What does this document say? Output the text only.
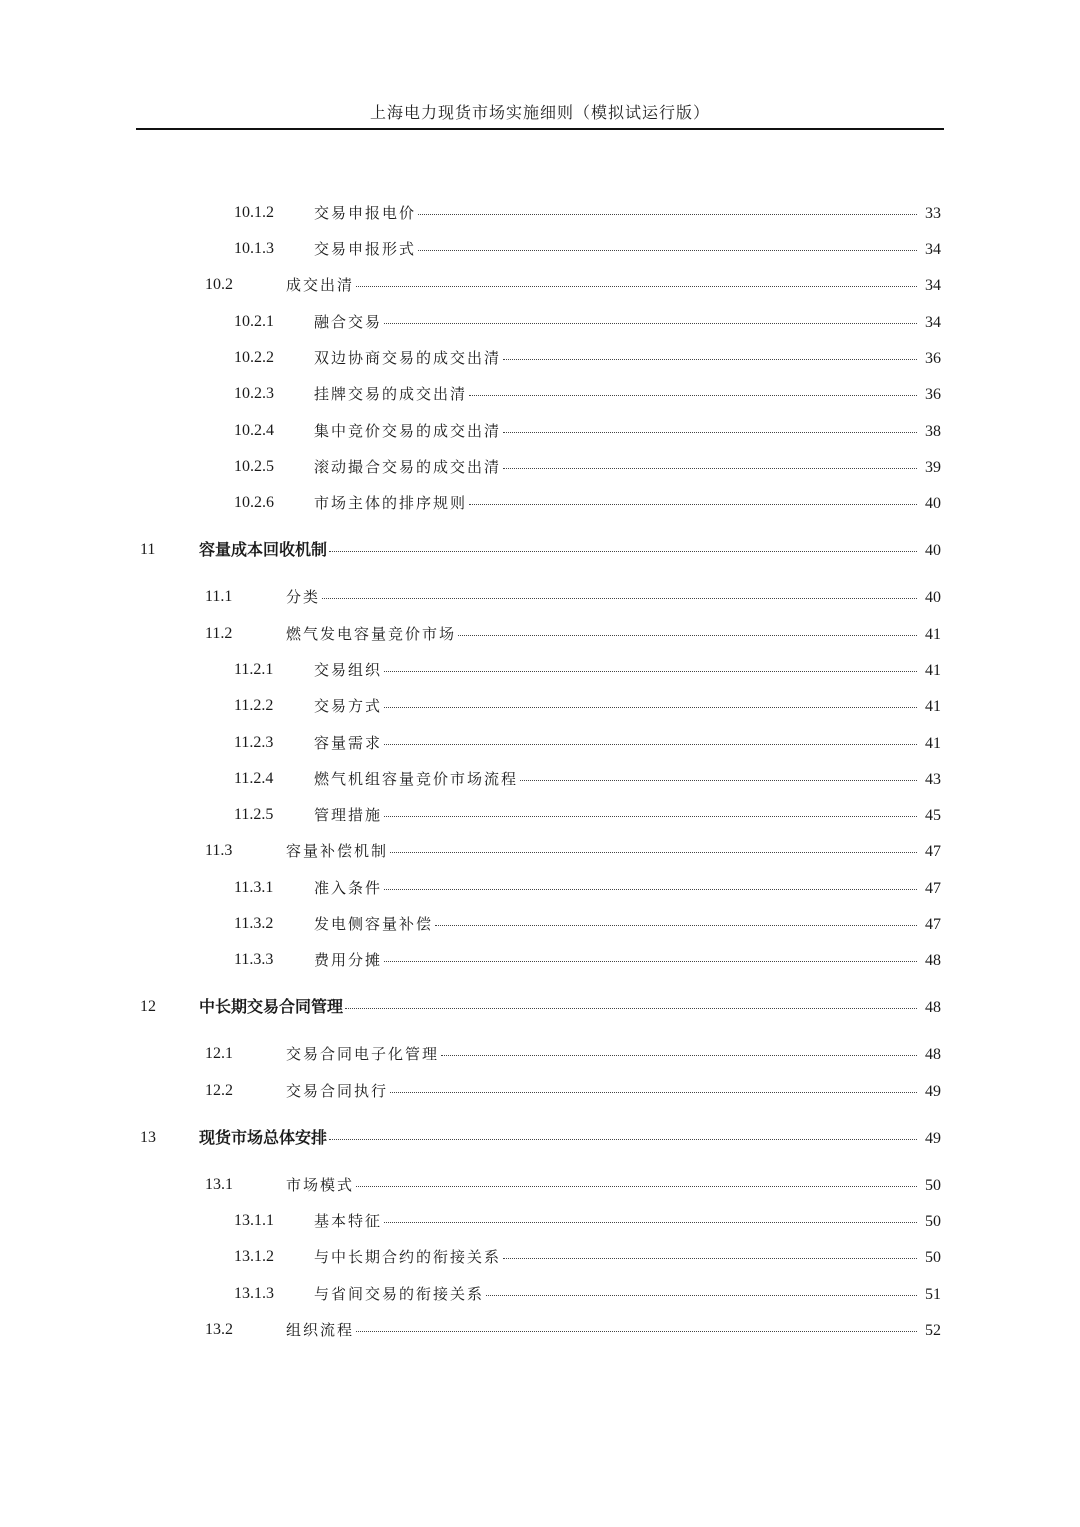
上海电力现货市场实施细则（模拟试运行版）
10.1.2	交易申报电价	33
10.1.3	交易申报形式	34
10.2	成交出清	34
10.2.1	融合交易	34
10.2.2	双边协商交易的成交出清	36
10.2.3	挂牌交易的成交出清	36
10.2.4	集中竞价交易的成交出清	38
10.2.5	滚动撮合交易的成交出清	39
10.2.6	市场主体的排序规则	40
11	容量成本回收机制	40
11.1	分类	40
11.2	燃气发电容量竞价市场	41
11.2.1	交易组织	41
11.2.2	交易方式	41
11.2.3	容量需求	41
11.2.4	燃气机组容量竞价市场流程	43
11.2.5	管理措施	45
11.3	容量补偿机制	47
11.3.1	准入条件	47
11.3.2	发电侧容量补偿	47
11.3.3	费用分摊	48
12	中长期交易合同管理	48
12.1	交易合同电子化管理	48
12.2	交易合同执行	49
13	现货市场总体安排	49
13.1	市场模式	50
13.1.1	基本特征	50
13.1.2	与中长期合约的衔接关系	50
13.1.3	与省间交易的衔接关系	51
13.2	组织流程	52
